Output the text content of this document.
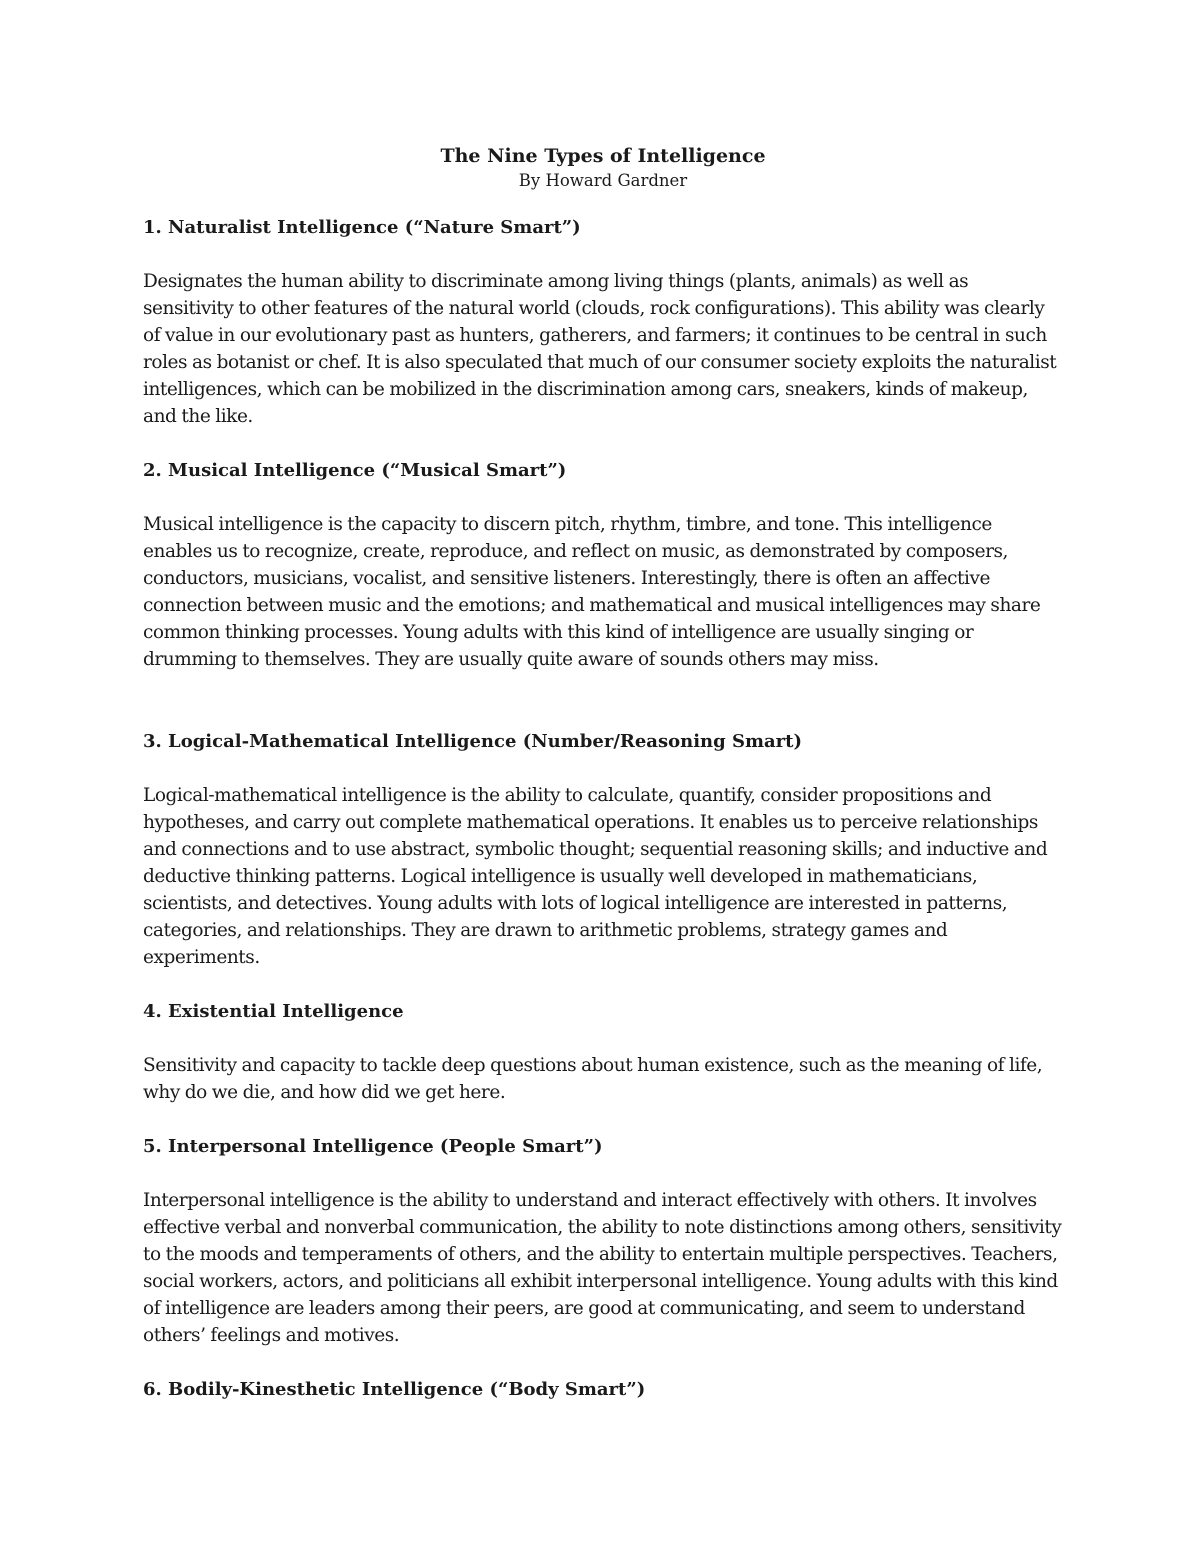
The Nine Types of Intelligence

By Howard Gardner

1. Naturalist Intelligence (“Nature Smart”)

Designates the human ability to discriminate among living things (plants, animals) as well as sensitivity to other features of the natural world (clouds, rock configurations). This ability was clearly of value in our evolutionary past as hunters, gatherers, and farmers; it continues to be central in such roles as botanist or chef. It is also speculated that much of our consumer society exploits the naturalist intelligences, which can be mobilized in the discrimination among cars, sneakers, kinds of makeup, and the like.

2. Musical Intelligence (“Musical Smart”)

Musical intelligence is the capacity to discern pitch, rhythm, timbre, and tone. This intelligence enables us to recognize, create, reproduce, and reflect on music, as demonstrated by composers, conductors, musicians, vocalist, and sensitive listeners. Interestingly, there is often an affective connection between music and the emotions; and mathematical and musical intelligences may share common thinking processes. Young adults with this kind of intelligence are usually singing or drumming to themselves. They are usually quite aware of sounds others may miss.

3. Logical-Mathematical Intelligence (Number/Reasoning Smart)

Logical-mathematical intelligence is the ability to calculate, quantify, consider propositions and hypotheses, and carry out complete mathematical operations. It enables us to perceive relationships and connections and to use abstract, symbolic thought; sequential reasoning skills; and inductive and deductive thinking patterns. Logical intelligence is usually well developed in mathematicians, scientists, and detectives. Young adults with lots of logical intelligence are interested in patterns, categories, and relationships. They are drawn to arithmetic problems, strategy games and experiments.

4. Existential Intelligence

Sensitivity and capacity to tackle deep questions about human existence, such as the meaning of life, why do we die, and how did we get here.

5. Interpersonal Intelligence (People Smart”)

Interpersonal intelligence is the ability to understand and interact effectively with others. It involves effective verbal and nonverbal communication, the ability to note distinctions among others, sensitivity to the moods and temperaments of others, and the ability to entertain multiple perspectives. Teachers, social workers, actors, and politicians all exhibit interpersonal intelligence. Young adults with this kind of intelligence are leaders among their peers, are good at communicating, and seem to understand others’ feelings and motives.

6. Bodily-Kinesthetic Intelligence (“Body Smart”)
